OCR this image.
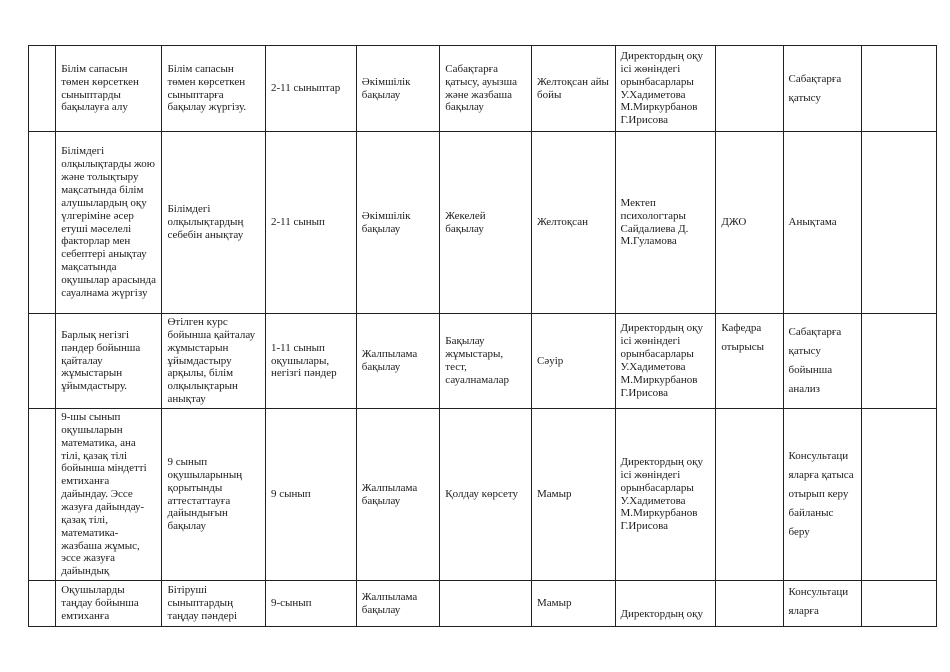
	Білім сапасын төмен көрсеткен сыныптарды бақылауға алу	Білім сапасын төмен көрсеткен сыныптарға бақылау жүргізу.	2-11 сыныптар	Әкімшілік бақылау	Сабақтарға қатысу, ауызша және жазбаша бақылау	Желтоқсан айы бойы	Директордың оқу ісі жөніндегі орынбасарлары У.Хадиметова М.Миркурбанов Г.Ирисова		Сабақтарға қатысу	
	Білімдегі олқылықтарды жою және толықтыру мақсатында білім алушылардың оқу үлгеріміне әсер етуші мәселелі факторлар мен себептері анықтау мақсатында оқушылар арасында сауалнама жүргізу	Білімдегі олқылықтардың себебін анықтау	2-11 сынып	Әкімшілік бақылау	Жекелей бақылау	Желтоқсан	Мектеп психологтары Сайдалиева Д. М.Гуламова	ДЖО	Анықтама	
	Барлық негізгі пәндер бойынша қайталау жұмыстарын ұйымдастыру.	Өтілген курс бойынша қайталау жұмыстарын ұйымдастыру арқылы, білім олқылықтарын анықтау	1-11 сынып оқушылары, негізгі пәндер	Жалпылама бақылау	Бақылау жұмыстары, тест, сауалнамалар	Сәуір	Директордың оқу ісі жөніндегі орынбасарлары У.Хадиметова М.Миркурбанов Г.Ирисова	Кафедра отырысы	Сабақтарға қатысу бойынша анализ	
	9-шы сынып оқушыларын математика, ана тілі, қазақ тілі бойынша міндетті емтиханға дайындау. Эссе жазуға дайындау-қазақ тілі, математика-жазбаша жұмыс, эссе жазуға дайындық	9 сынып оқушыларының қорытынды аттестаттауға дайындығын бақылау	9 сынып	Жалпылама бақылау	Қолдау көрсету	Мамыр	Директордың оқу ісі жөніндегі орынбасарлары У.Хадиметова М.Миркурбанов Г.Ирисова		Консультаци яларға қатыса отырып керу байланыс беру	
	Оқушыларды таңдау бойынша емтиханға	Бітіруші сыныптардың таңдау пәндері	9-сынып	Жалпылама бақылау		Мамыр	Директордың оқу		Консультаци яларға	
